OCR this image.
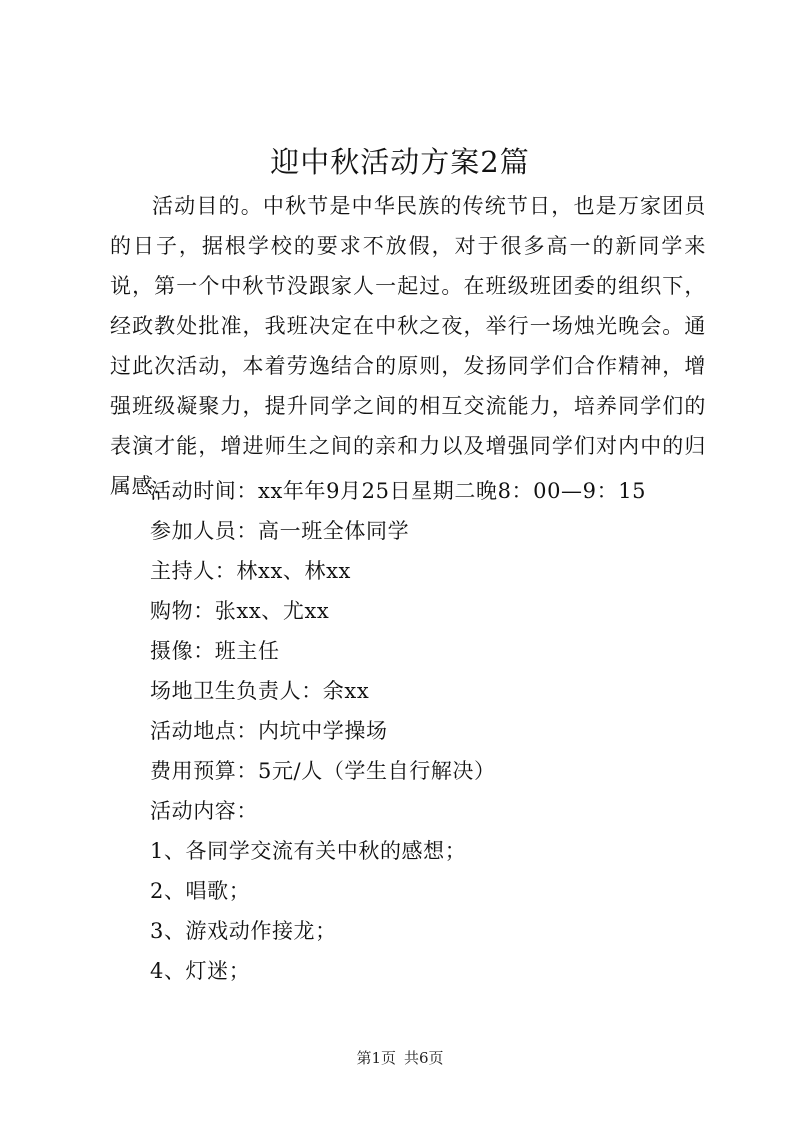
迎中秋活动方案2篇

活动目的。中秋节是中华民族的传统节日，也是万家团员的日子，据根学校的要求不放假，对于很多高一的新同学来说，第一个中秋节没跟家人一起过。在班级班团委的组织下，经政教处批准，我班决定在中秋之夜，举行一场烛光晚会。通过此次活动，本着劳逸结合的原则，发扬同学们合作精神，增强班级凝聚力，提升同学之间的相互交流能力，培养同学们的表演才能，增进师生之间的亲和力以及增强同学们对内中的归属感.

活动时间：xx年年9月25日星期二晚8：00—9：15
参加人员：高一班全体同学
主持人：林xx、林xx
购物：张xx、尤xx
摄像：班主任
场地卫生负责人：余xx
活动地点：内坑中学操场
费用预算：5元/人（学生自行解决）
活动内容：
1、各同学交流有关中秋的感想；
2、唱歌；
3、游戏动作接龙；
4、灯迷；
第1页 共6页
